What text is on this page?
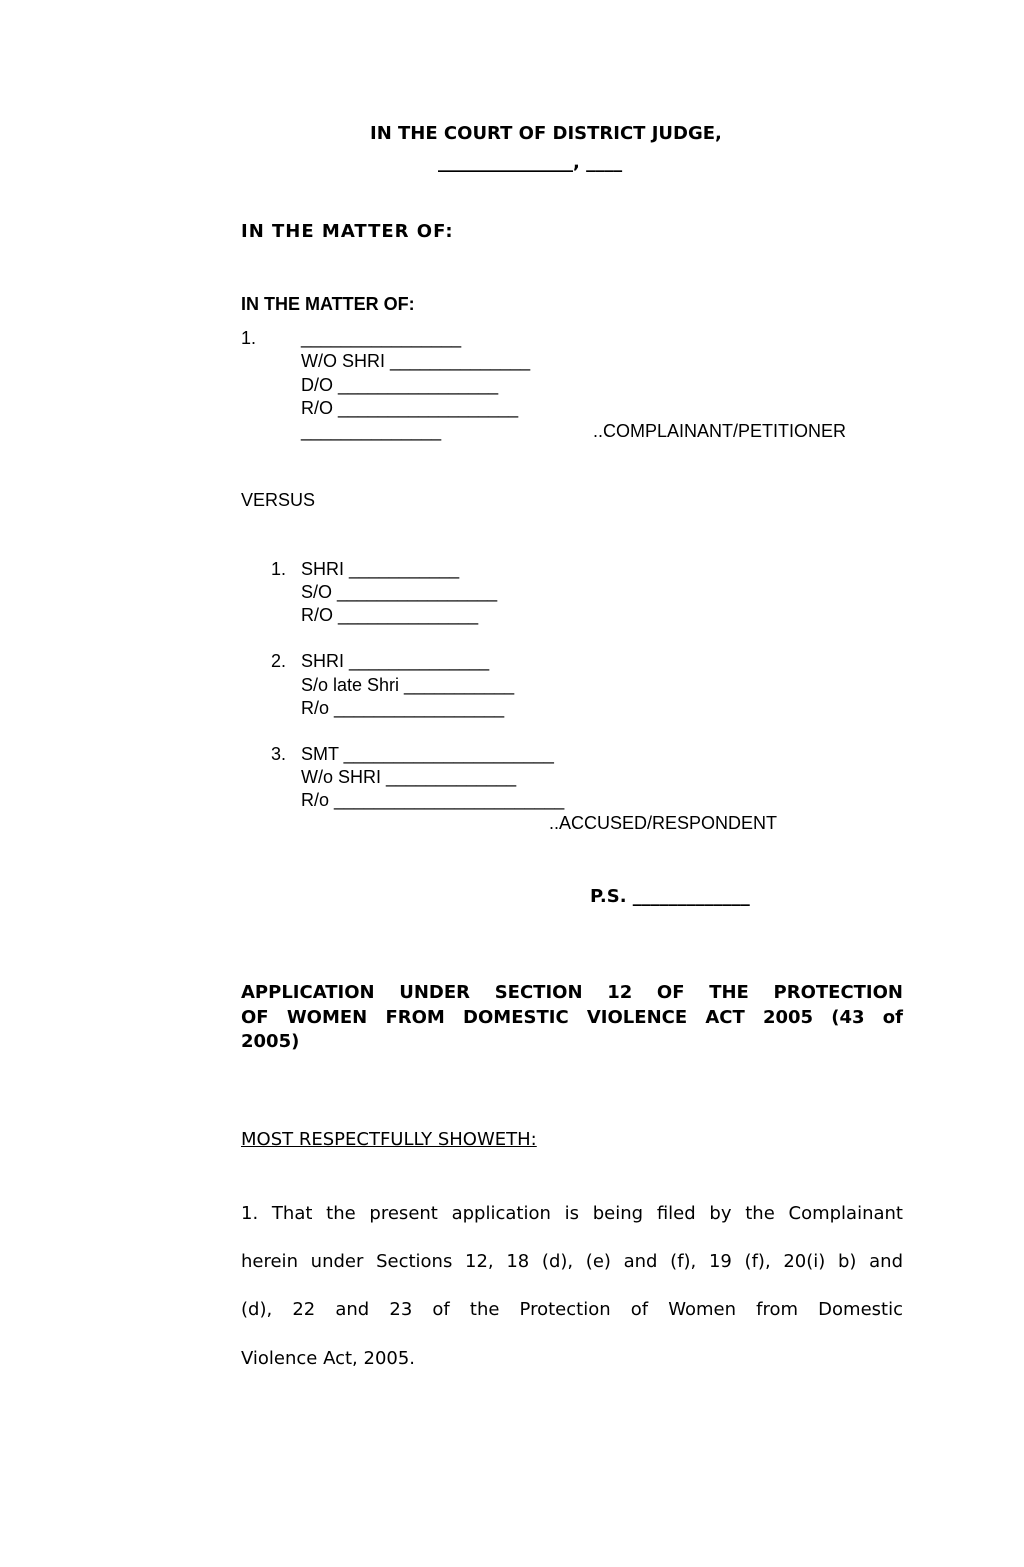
IN THE COURT OF DISTRICT JUDGE,
_______________, ____
IN THE MATTER OF:
IN THE MATTER OF:
1. ________________
W/O SHRI ______________
D/O ________________
R/O __________________
______________	..COMPLAINANT/PETITIONER
VERSUS
1. SHRI ___________
S/O ________________
R/O ______________
2. SHRI ______________
S/o late Shri ___________
R/o _________________
3. SMT _____________________
W/o SHRI _____________
R/o _______________________
..ACCUSED/RESPONDENT
P.S. _____________
APPLICATION UNDER SECTION 12 OF THE PROTECTION
OF WOMEN FROM DOMESTIC VIOLENCE ACT 2005 (43 of
2005)
MOST RESPECTFULLY SHOWETH:
1. That the present application is being filed by the Complainant
herein under Sections 12, 18 (d), (e) and (f), 19 (f), 20(i) b) and
(d), 22 and 23 of the Protection of Women from Domestic
Violence Act, 2005.
